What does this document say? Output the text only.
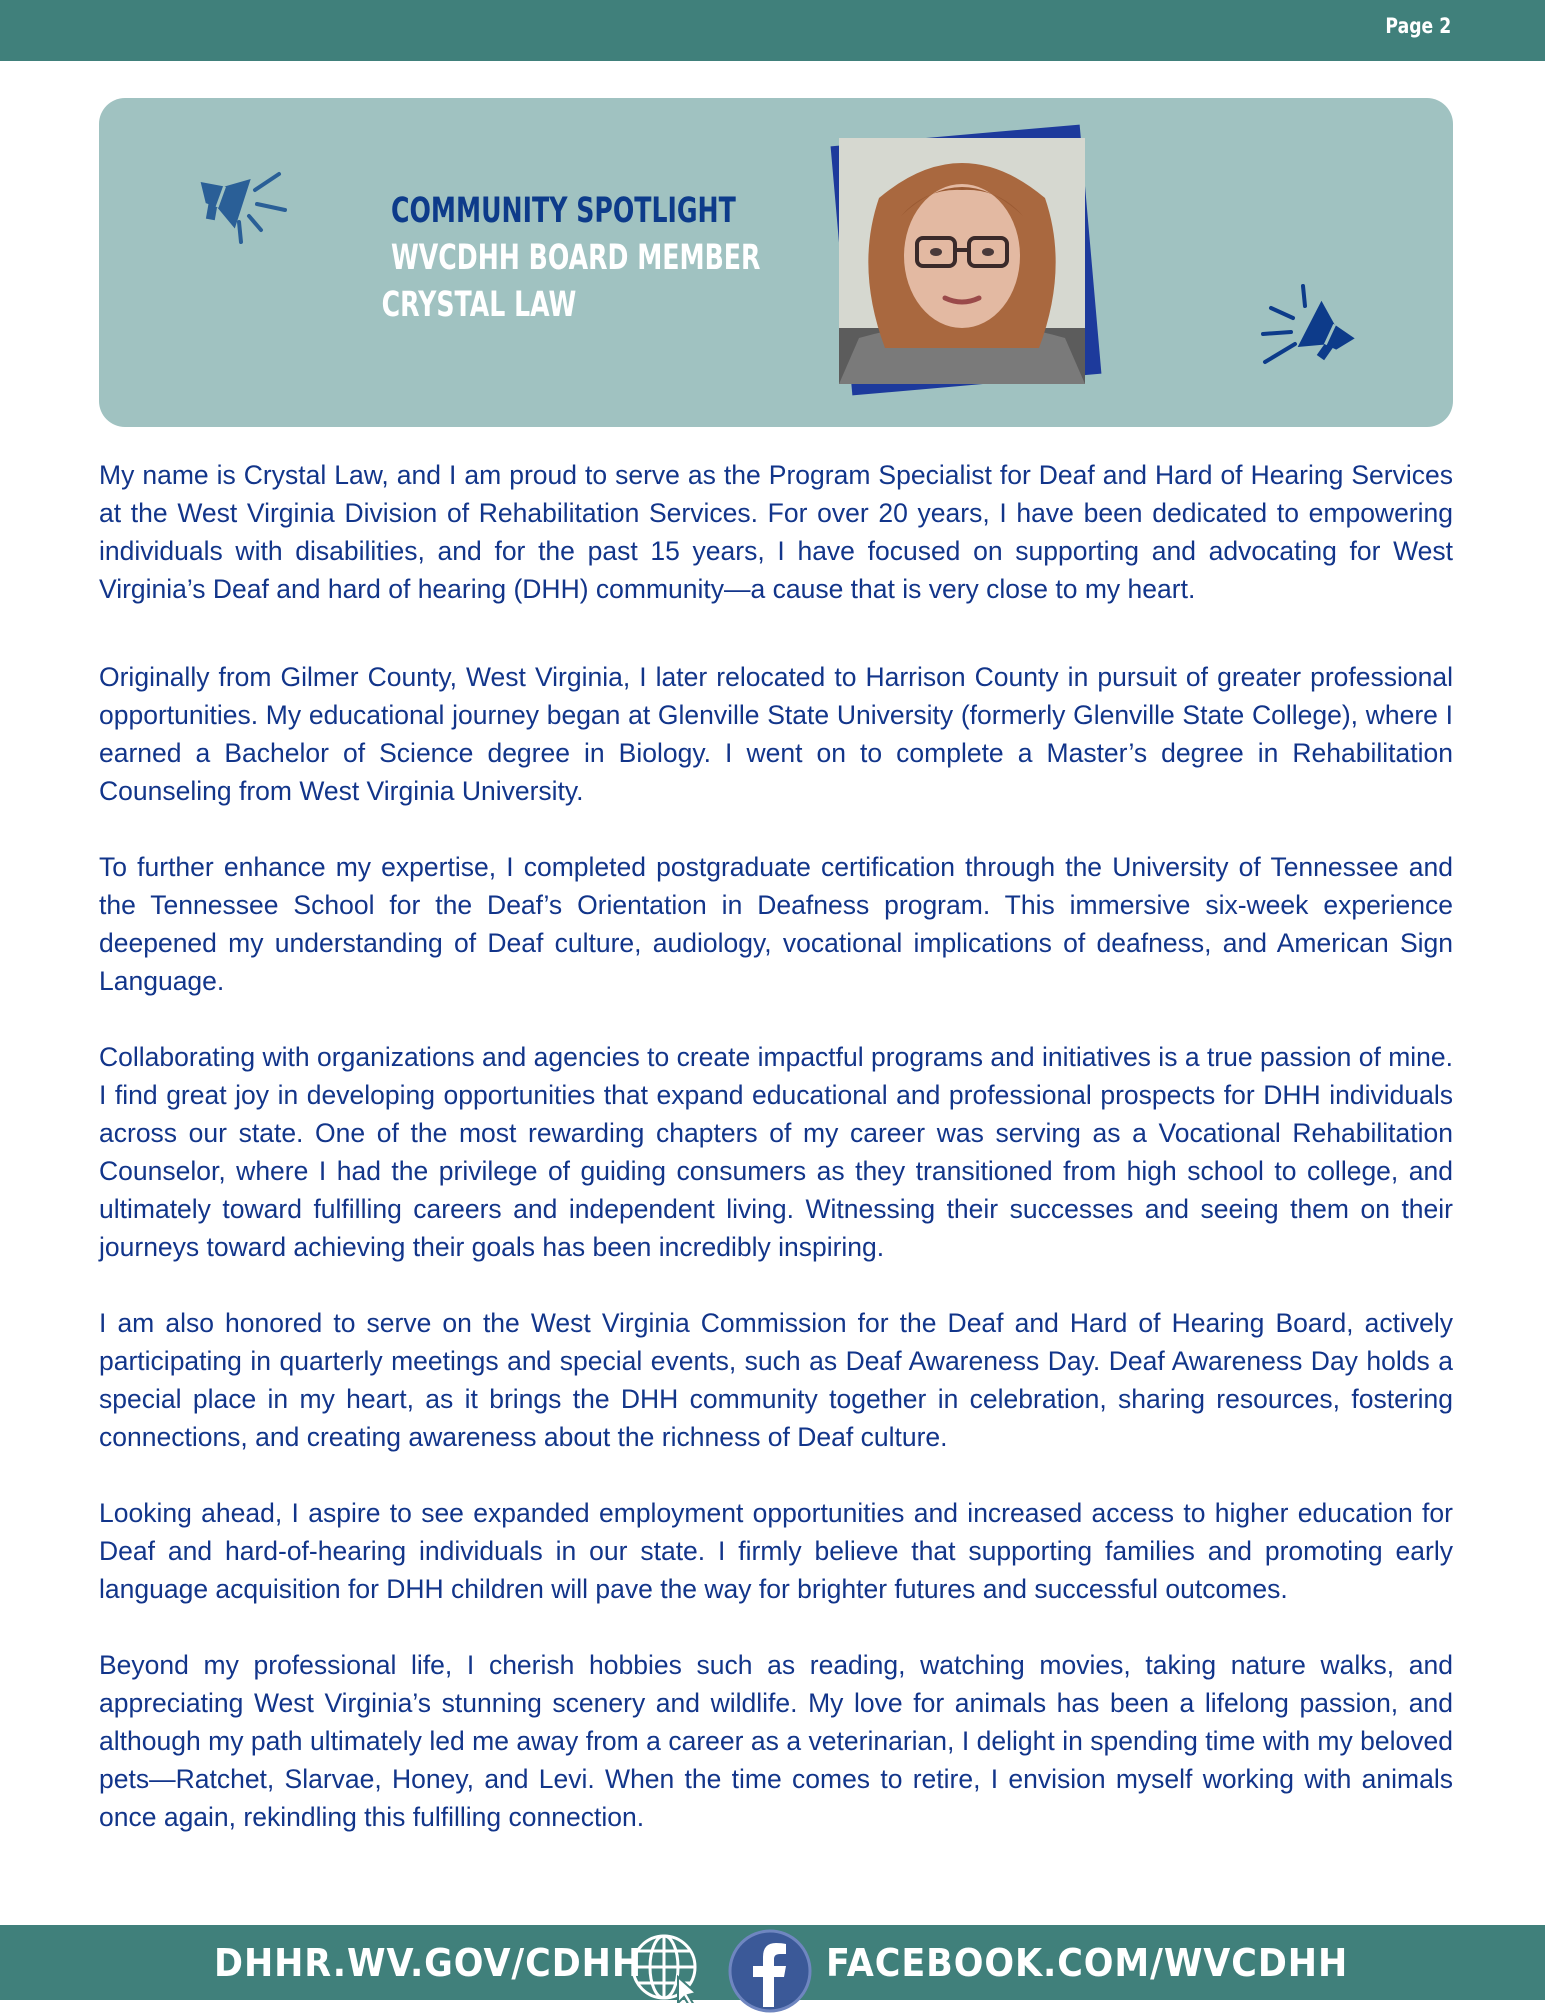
Page 2
COMMUNITY SPOTLIGHT
WVCDHH BOARD MEMBER
CRYSTAL LAW

My name is Crystal Law, and I am proud to serve as the Program Specialist for Deaf and Hard of Hearing Services at the West Virginia Division of Rehabilitation Services. For over 20 years, I have been dedicated to empowering individuals with disabilities, and for the past 15 years, I have focused on supporting and advocating for West Virginia’s Deaf and hard of hearing (DHH) community—a cause that is very close to my heart.

Originally from Gilmer County, West Virginia, I later relocated to Harrison County in pursuit of greater professional opportunities. My educational journey began at Glenville State University (formerly Glenville State College), where I earned a Bachelor of Science degree in Biology. I went on to complete a Master’s degree in Rehabilitation Counseling from West Virginia University.

To further enhance my expertise, I completed postgraduate certification through the University of Tennessee and the Tennessee School for the Deaf’s Orientation in Deafness program. This immersive six-week experience deepened my understanding of Deaf culture, audiology, vocational implications of deafness, and American Sign Language.

Collaborating with organizations and agencies to create impactful programs and initiatives is a true passion of mine. I find great joy in developing opportunities that expand educational and professional prospects for DHH individuals across our state. One of the most rewarding chapters of my career was serving as a Vocational Rehabilitation Counselor, where I had the privilege of guiding consumers as they transitioned from high school to college, and ultimately toward fulfilling careers and independent living. Witnessing their successes and seeing them on their journeys toward achieving their goals has been incredibly inspiring.

I am also honored to serve on the West Virginia Commission for the Deaf and Hard of Hearing Board, actively participating in quarterly meetings and special events, such as Deaf Awareness Day. Deaf Awareness Day holds a special place in my heart, as it brings the DHH community together in celebration, sharing resources, fostering connections, and creating awareness about the richness of Deaf culture.

Looking ahead, I aspire to see expanded employment opportunities and increased access to higher education for Deaf and hard-of-hearing individuals in our state. I firmly believe that supporting families and promoting early language acquisition for DHH children will pave the way for brighter futures and successful outcomes.

Beyond my professional life, I cherish hobbies such as reading, watching movies, taking nature walks, and appreciating West Virginia’s stunning scenery and wildlife. My love for animals has been a lifelong passion, and although my path ultimately led me away from a career as a veterinarian, I delight in spending time with my beloved pets—Ratchet, Slarvae, Honey, and Levi. When the time comes to retire, I envision myself working with animals once again, rekindling this fulfilling connection.

DHHR.WV.GOV/CDHH	FACEBOOK.COM/WVCDHH
